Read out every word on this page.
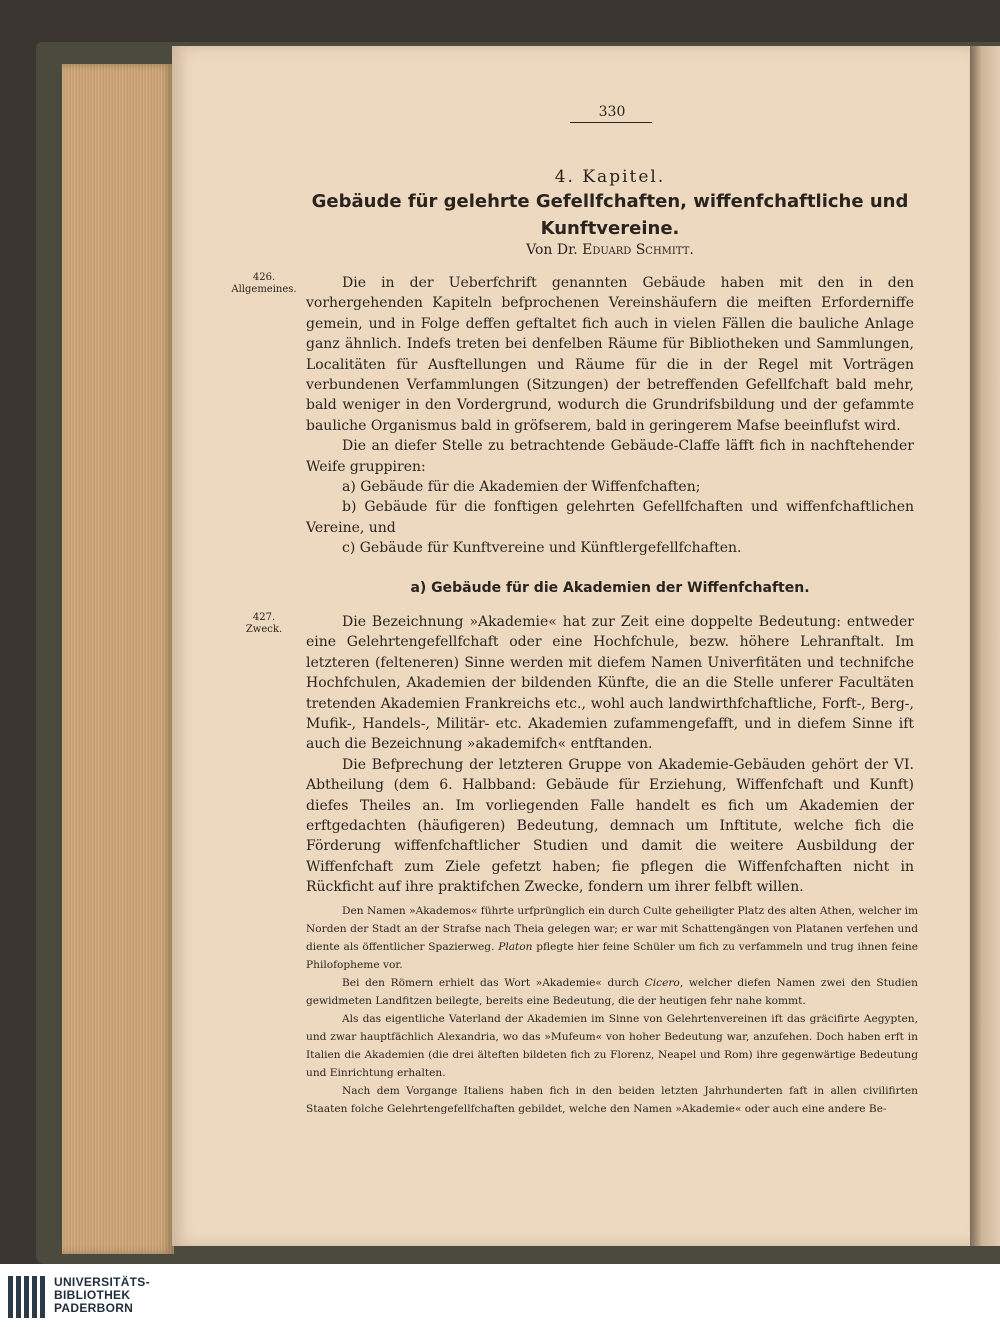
330
4. Kapitel.
Gebäude für gelehrte Gefellfchaften, wiffenfchaftliche und Kunftvereine.
Von Dr. Eduard Schmitt.
426.
Allgemeines.	Die in der Ueberfchrift genannten Gebäude haben mit den in den vorhergehenden Kapiteln befprochenen Vereinshäufern die meiften Erforderniffe gemein, und in Folge deffen geftaltet fich auch in vielen Fällen die bauliche Anlage ganz ähnlich. Indefs treten bei denfelben Räume für Bibliotheken und Sammlungen, Localitäten für Ausftellungen und Räume für die in der Regel mit Vorträgen verbundenen Verfammlungen (Sitzungen) der betreffenden Gefellfchaft bald mehr, bald weniger in den Vordergrund, wodurch die Grundrifsbildung und der gefammte bauliche Organismus bald in gröfserem, bald in geringerem Mafse beeinflufst wird.

Die an diefer Stelle zu betrachtende Gebäude-Claffe läfft fich in nachftehender Weife gruppiren:

a) Gebäude für die Akademien der Wiffenfchaften;

b) Gebäude für die fonftigen gelehrten Gefellfchaften und wiffenfchaftlichen Vereine, und

c) Gebäude für Kunftvereine und Künftlergefellfchaften.

a) Gebäude für die Akademien der Wiffenfchaften.
427.
Zweck.	Die Bezeichnung »Akademie« hat zur Zeit eine doppelte Bedeutung: entweder eine Gelehrtengefellfchaft oder eine Hochfchule, bezw. höhere Lehranftalt. Im letzteren (felteneren) Sinne werden mit diefem Namen Univerfitäten und technifche Hochfchulen, Akademien der bildenden Künfte, die an die Stelle unferer Facultäten tretenden Akademien Frankreichs etc., wohl auch landwirthfchaftliche, Forft-, Berg-, Mufik-, Handels-, Militär- etc. Akademien zufammengefafft, und in diefem Sinne ift auch die Bezeichnung »akademifch« entftanden.

Die Befprechung der letzteren Gruppe von Akademie-Gebäuden gehört der VI. Abtheilung (dem 6. Halbband: Gebäude für Erziehung, Wiffenfchaft und Kunft) diefes Theiles an. Im vorliegenden Falle handelt es fich um Akademien der erftgedachten (häufigeren) Bedeutung, demnach um Inftitute, welche fich die Förderung wiffenfchaftlicher Studien und damit die weitere Ausbildung der Wiffenfchaft zum Ziele gefetzt haben; fie pflegen die Wiffenfchaften nicht in Rückficht auf ihre praktifchen Zwecke, fondern um ihrer felbft willen.

Den Namen »Akademos« führte urfprünglich ein durch Culte geheiligter Platz des alten Athen, welcher im Norden der Stadt an der Strafse nach Theia gelegen war; er war mit Schattengängen von Platanen verfehen und diente als öffentlicher Spazierweg. Platon pflegte hier feine Schüler um fich zu verfammeln und trug ihnen feine Philofopheme vor.

Bei den Römern erhielt das Wort »Akademie« durch Cicero, welcher diefen Namen zwei den Studien gewidmeten Landfitzen beilegte, bereits eine Bedeutung, die der heutigen fehr nahe kommt.

Als das eigentliche Vaterland der Akademien im Sinne von Gelehrtenvereinen ift das gräcifirte Aegypten, und zwar hauptfächlich Alexandria, wo das »Mufeum« von hoher Bedeutung war, anzufehen. Doch haben erft in Italien die Akademien (die drei älteften bildeten fich zu Florenz, Neapel und Rom) ihre gegenwärtige Bedeutung und Einrichtung erhalten.

Nach dem Vorgange Italiens haben fich in den beiden letzten Jahrhunderten faft in allen civilifirten Staaten folche Gelehrtengefellfchaften gebildet, welche den Namen »Akademie« oder auch eine andere Be-

UNIVERSITÄTS-
BIBLIOTHEK
PADERBORN
